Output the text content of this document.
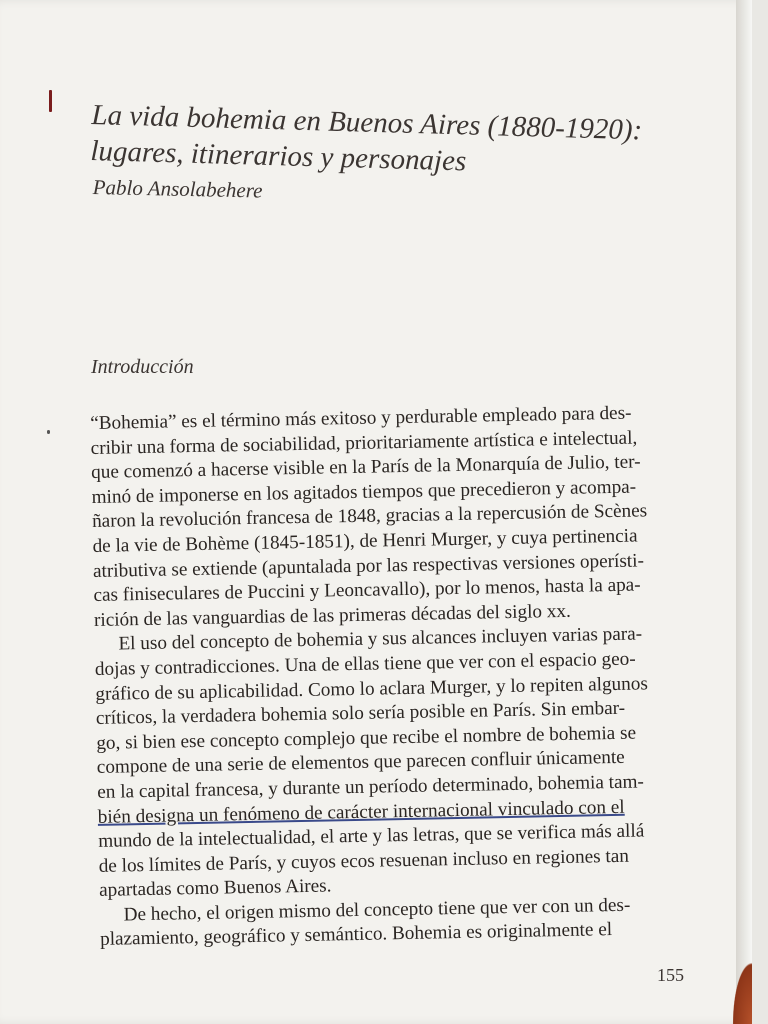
La vida bohemia en Buenos Aires (1880-1920):
lugares, itinerarios y personajes
Pablo Ansolabehere
Introducción
“Bohemia” es el término más exitoso y perdurable empleado para des-
cribir una forma de sociabilidad, prioritariamente artística e intelectual,
que comenzó a hacerse visible en la París de la Monarquía de Julio, ter-
minó de imponerse en los agitados tiempos que precedieron y acompa-
ñaron la revolución francesa de 1848, gracias a la repercusión de Scènes
de la vie de Bohème (1845-1851), de Henri Murger, y cuya pertinencia
atributiva se extiende (apuntalada por las respectivas versiones operísti-
cas finiseculares de Puccini y Leoncavallo), por lo menos, hasta la apa-
rición de las vanguardias de las primeras décadas del siglo xx.
El uso del concepto de bohemia y sus alcances incluyen varias para-
dojas y contradicciones. Una de ellas tiene que ver con el espacio geo-
gráfico de su aplicabilidad. Como lo aclara Murger, y lo repiten algunos
críticos, la verdadera bohemia solo sería posible en París. Sin embar-
go, si bien ese concepto complejo que recibe el nombre de bohemia se
compone de una serie de elementos que parecen confluir únicamente
en la capital francesa, y durante un período determinado, bohemia tam-
bién designa un fenómeno de carácter internacional vinculado con el
mundo de la intelectualidad, el arte y las letras, que se verifica más allá
de los límites de París, y cuyos ecos resuenan incluso en regiones tan
apartadas como Buenos Aires.
De hecho, el origen mismo del concepto tiene que ver con un des-
plazamiento, geográfico y semántico. Bohemia es originalmente el
155
